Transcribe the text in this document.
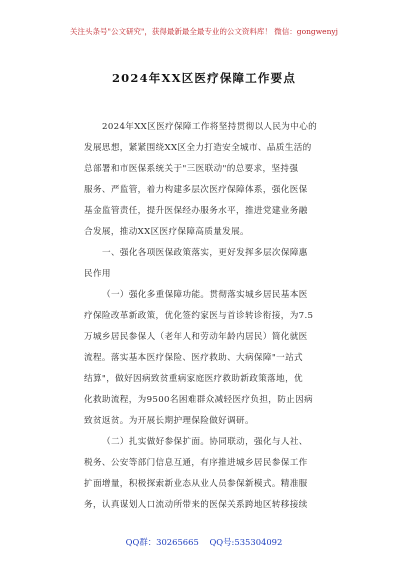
关注头条号"公文研究"，获得最新最全最专业的公文资料库！ 微信：gongwenyj
2024年XX区医疗保障工作要点
2024年XX区医疗保障工作将坚持贯彻以人民为中心的
发展思想，紧紧围绕XX区全力打造安全城市、品质生活的
总部署和市医保系统关于"三医联动"的总要求，坚持强
服务、严监管，着力构建多层次医疗保障体系，强化医保
基金监管责任，提升医保经办服务水平，推进党建业务融
合发展，推动XX区医疗保障高质量发展。
一、强化各项医保政策落实，更好发挥多层次保障惠
民作用
（一）强化多重保障功能。贯彻落实城乡居民基本医
疗保险改革新政策，优化签约家医与首诊转诊衔接，为7.5
万城乡居民参保人（老年人和劳动年龄内居民）简化就医
流程。落实基本医疗保险、医疗救助、大病保障"一站式
结算"，做好因病致贫重病家庭医疗救助新政策落地，优
化救助流程，为9500名困难群众减轻医疗负担，防止因病
致贫返贫。为开展长期护理保险做好调研。
（二）扎实做好参保扩面。协同联动，强化与人社、
税务、公安等部门信息互通，有序推进城乡居民参保工作
扩面增量，积极探索新业态从业人员参保新模式。精准服
务，认真谋划人口流动所带来的医保关系跨地区转移接续
QQ群：30265665 QQ号:535304092
